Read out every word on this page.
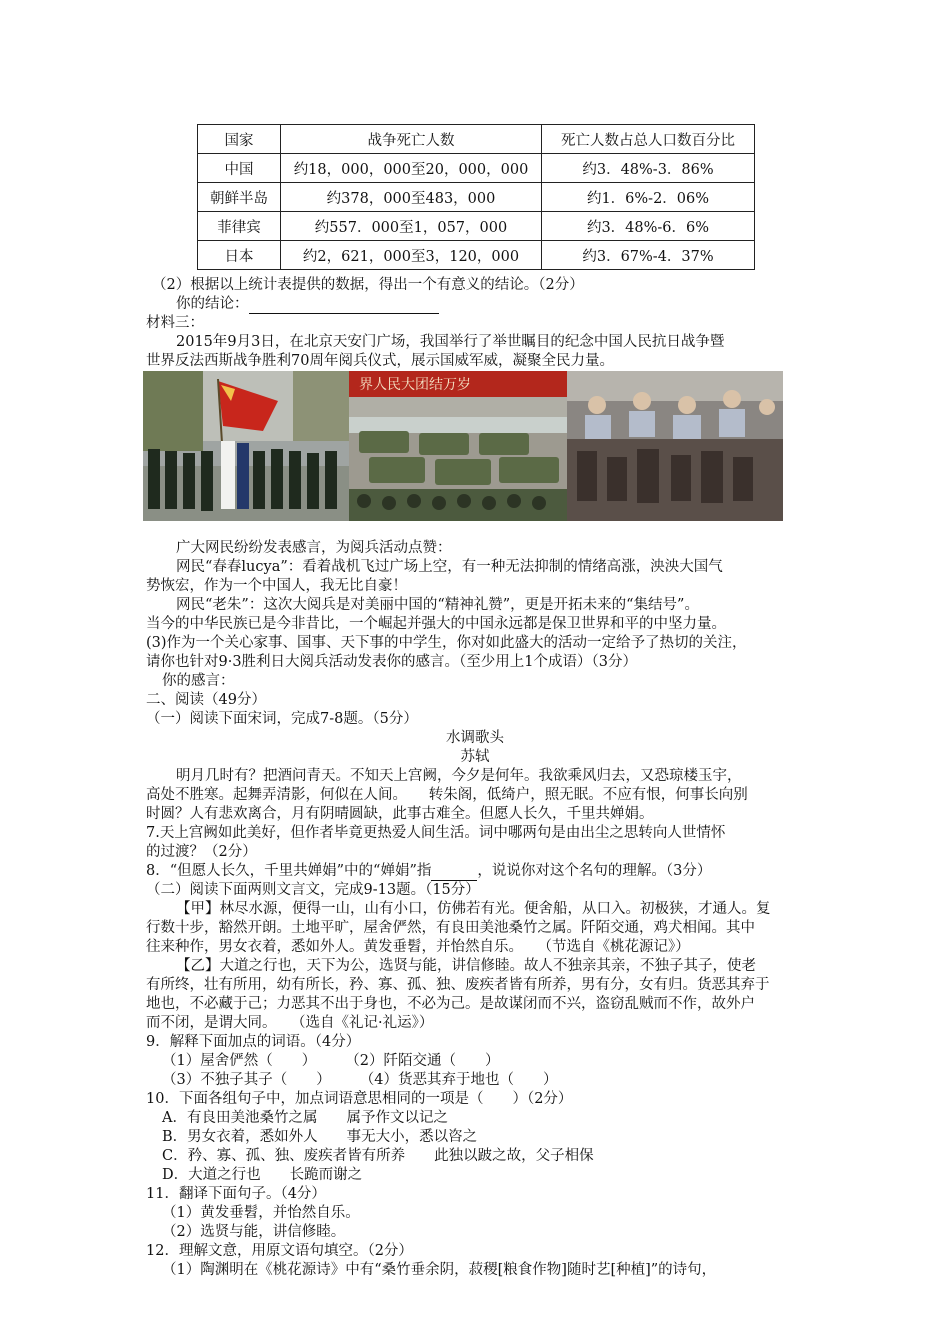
国家	战争死亡人数	死亡人数占总人口数百分比
中国	约18，000，000至20，000，000	约3．48%-3．86%
朝鲜半岛	约378，000至483，000	约1．6%-2．06%
菲律宾	约557．000至1，057，000	约3．48%-6．6%
日本	约2，621，000至3，120，000	约3．67%-4．37%
（2）根据以上统计表提供的数据，得出一个有意义的结论。（2分）
你的结论：
材料三：
2015年9月3日，在北京天安门广场，我国举行了举世瞩目的纪念中国人民抗日战争暨
世界反法西斯战争胜利70周年阅兵仪式，展示国威军威，凝聚全民力量。
界人民大团结万岁
广大网民纷纷发表感言，为阅兵活动点赞：
网民“春春lucya”：看着战机飞过广场上空，有一种无法抑制的情绪高涨，泱泱大国气
势恢宏，作为一个中国人，我无比自豪！
网民“老朱”：这次大阅兵是对美丽中国的“精神礼赞”，更是开拓未来的“集结号”。
当今的中华民族已是今非昔比，一个崛起并强大的中国永远都是保卫世界和平的中坚力量。
(3)作为一个关心家事、国事、天下事的中学生，你对如此盛大的活动一定给予了热切的关注，
请你也针对9·3胜利日大阅兵活动发表你的感言。（至少用上1个成语）（3分）
你的感言：
二、阅读（49分）
（一）阅读下面宋词，完成7-8题。（5分）
水调歌头
苏轼
明月几时有？把酒问青天。不知天上宫阙，今夕是何年。我欲乘风归去，又恐琼楼玉宇，
高处不胜寒。起舞弄清影，何似在人间。　　转朱阁，低绮户，照无眠。不应有恨，何事长向别
时圆？人有悲欢离合，月有阴晴圆缺，此事古难全。但愿人长久，千里共婵娟。
7.天上宫阙如此美好，但作者毕竟更热爱人间生活。词中哪两句是由出尘之思转向人世情怀
的过渡？（2分）
8．“但愿人长久，千里共婵娟”中的“婵娟”指	，说说你对这个名句的理解。（3分）
（二）阅读下面两则文言文，完成9-13题。（15分）
【甲】林尽水源，便得一山，山有小口，仿佛若有光。便舍船，从口入。初极狭，才通人。复
行数十步，豁然开朗。土地平旷，屋舍俨然，有良田美池桑竹之属。阡陌交通，鸡犬相闻。其中
往来种作，男女衣着，悉如外人。黄发垂髫，并怡然自乐。　　（节选自《桃花源记》）
【乙】大道之行也，天下为公，选贤与能，讲信修睦。故人不独亲其亲，不独子其子，使老
有所终，壮有所用，幼有所长，矜、寡、孤、独、废疾者皆有所养，男有分，女有归。货恶其弃于
地也，不必藏于己；力恶其不出于身也，不必为己。是故谋闭而不兴，盗窃乱贼而不作，故外户
而不闭，是谓大同。　　（选自《礼记·礼运》）
9．解释下面加点的词语。（4分）
（1）屋舍俨然（　　）　　　（2）阡陌交通（　　）
（3）不独子其子（　　）　　　（4）货恶其弃于地也（　　）
10．下面各组句子中，加点词语意思相同的一项是（　　）（2分）
A．有良田美池桑竹之属　　属予作文以记之
B．男女衣着，悉如外人　　事无大小，悉以咨之
C．矜、寡、孤、独、废疾者皆有所养　　此独以跛之故，父子相保
D．大道之行也　　长跪而谢之
11．翻译下面句子。（4分）
（1）黄发垂髫，并怡然自乐。
（2）选贤与能，讲信修睦。
12．理解文意，用原文语句填空。（2分）
（1）陶渊明在《桃花源诗》中有“桑竹垂余阴，菽稷[粮食作物]随时艺[种植]”的诗句，
